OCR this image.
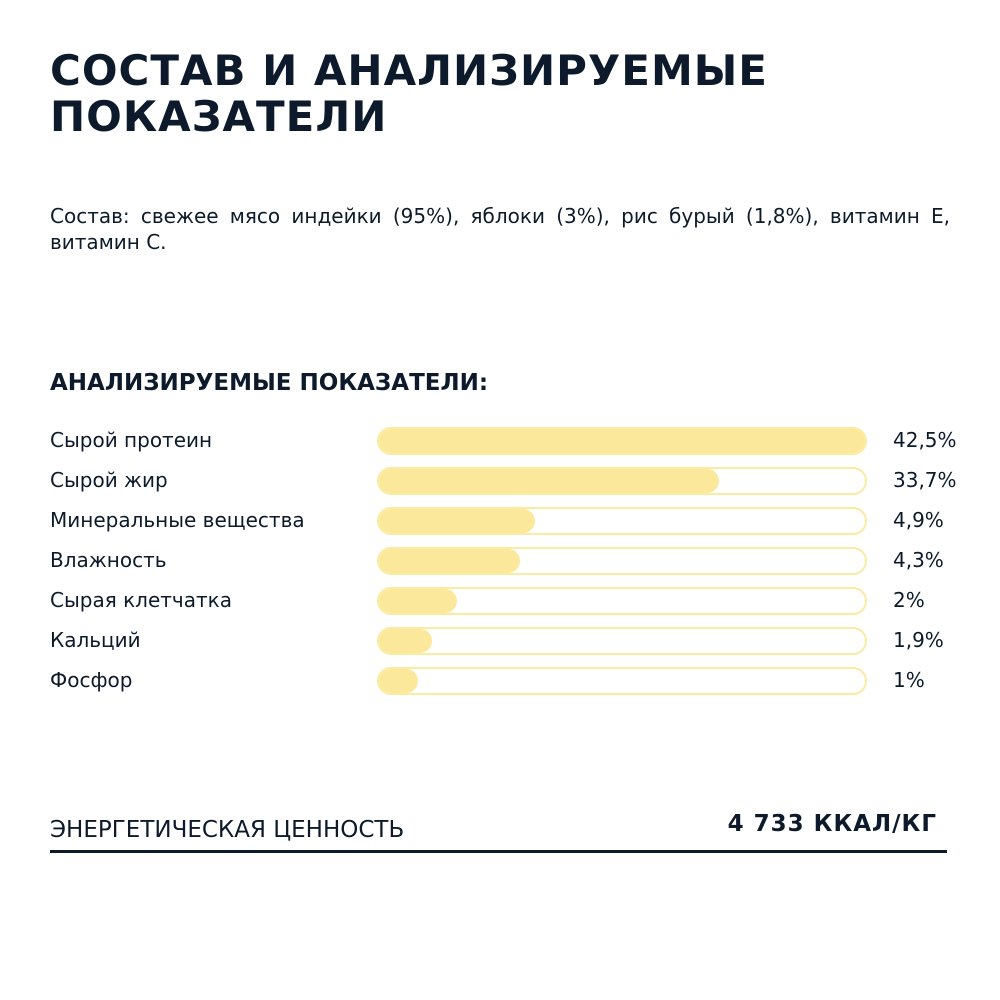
СОСТАВ И АНАЛИЗИРУЕМЫЕ ПОКАЗАТЕЛИ

Состав: свежее мясо индейки (95%), яблоки (3%), рис бурый (1,8%), витамин Е, витамин С.

АНАЛИЗИРУЕМЫЕ ПОКАЗАТЕЛИ:
Сырой протеин	42,5%
Сырой жир	33,7%
Минеральные вещества	4,9%
Влажность	4,3%
Сырая клетчатка	2%
Кальций	1,9%
Фосфор	1%
ЭНЕРГЕТИЧЕСКАЯ ЦЕННОСТЬ	4 733 ККАЛ/КГ
